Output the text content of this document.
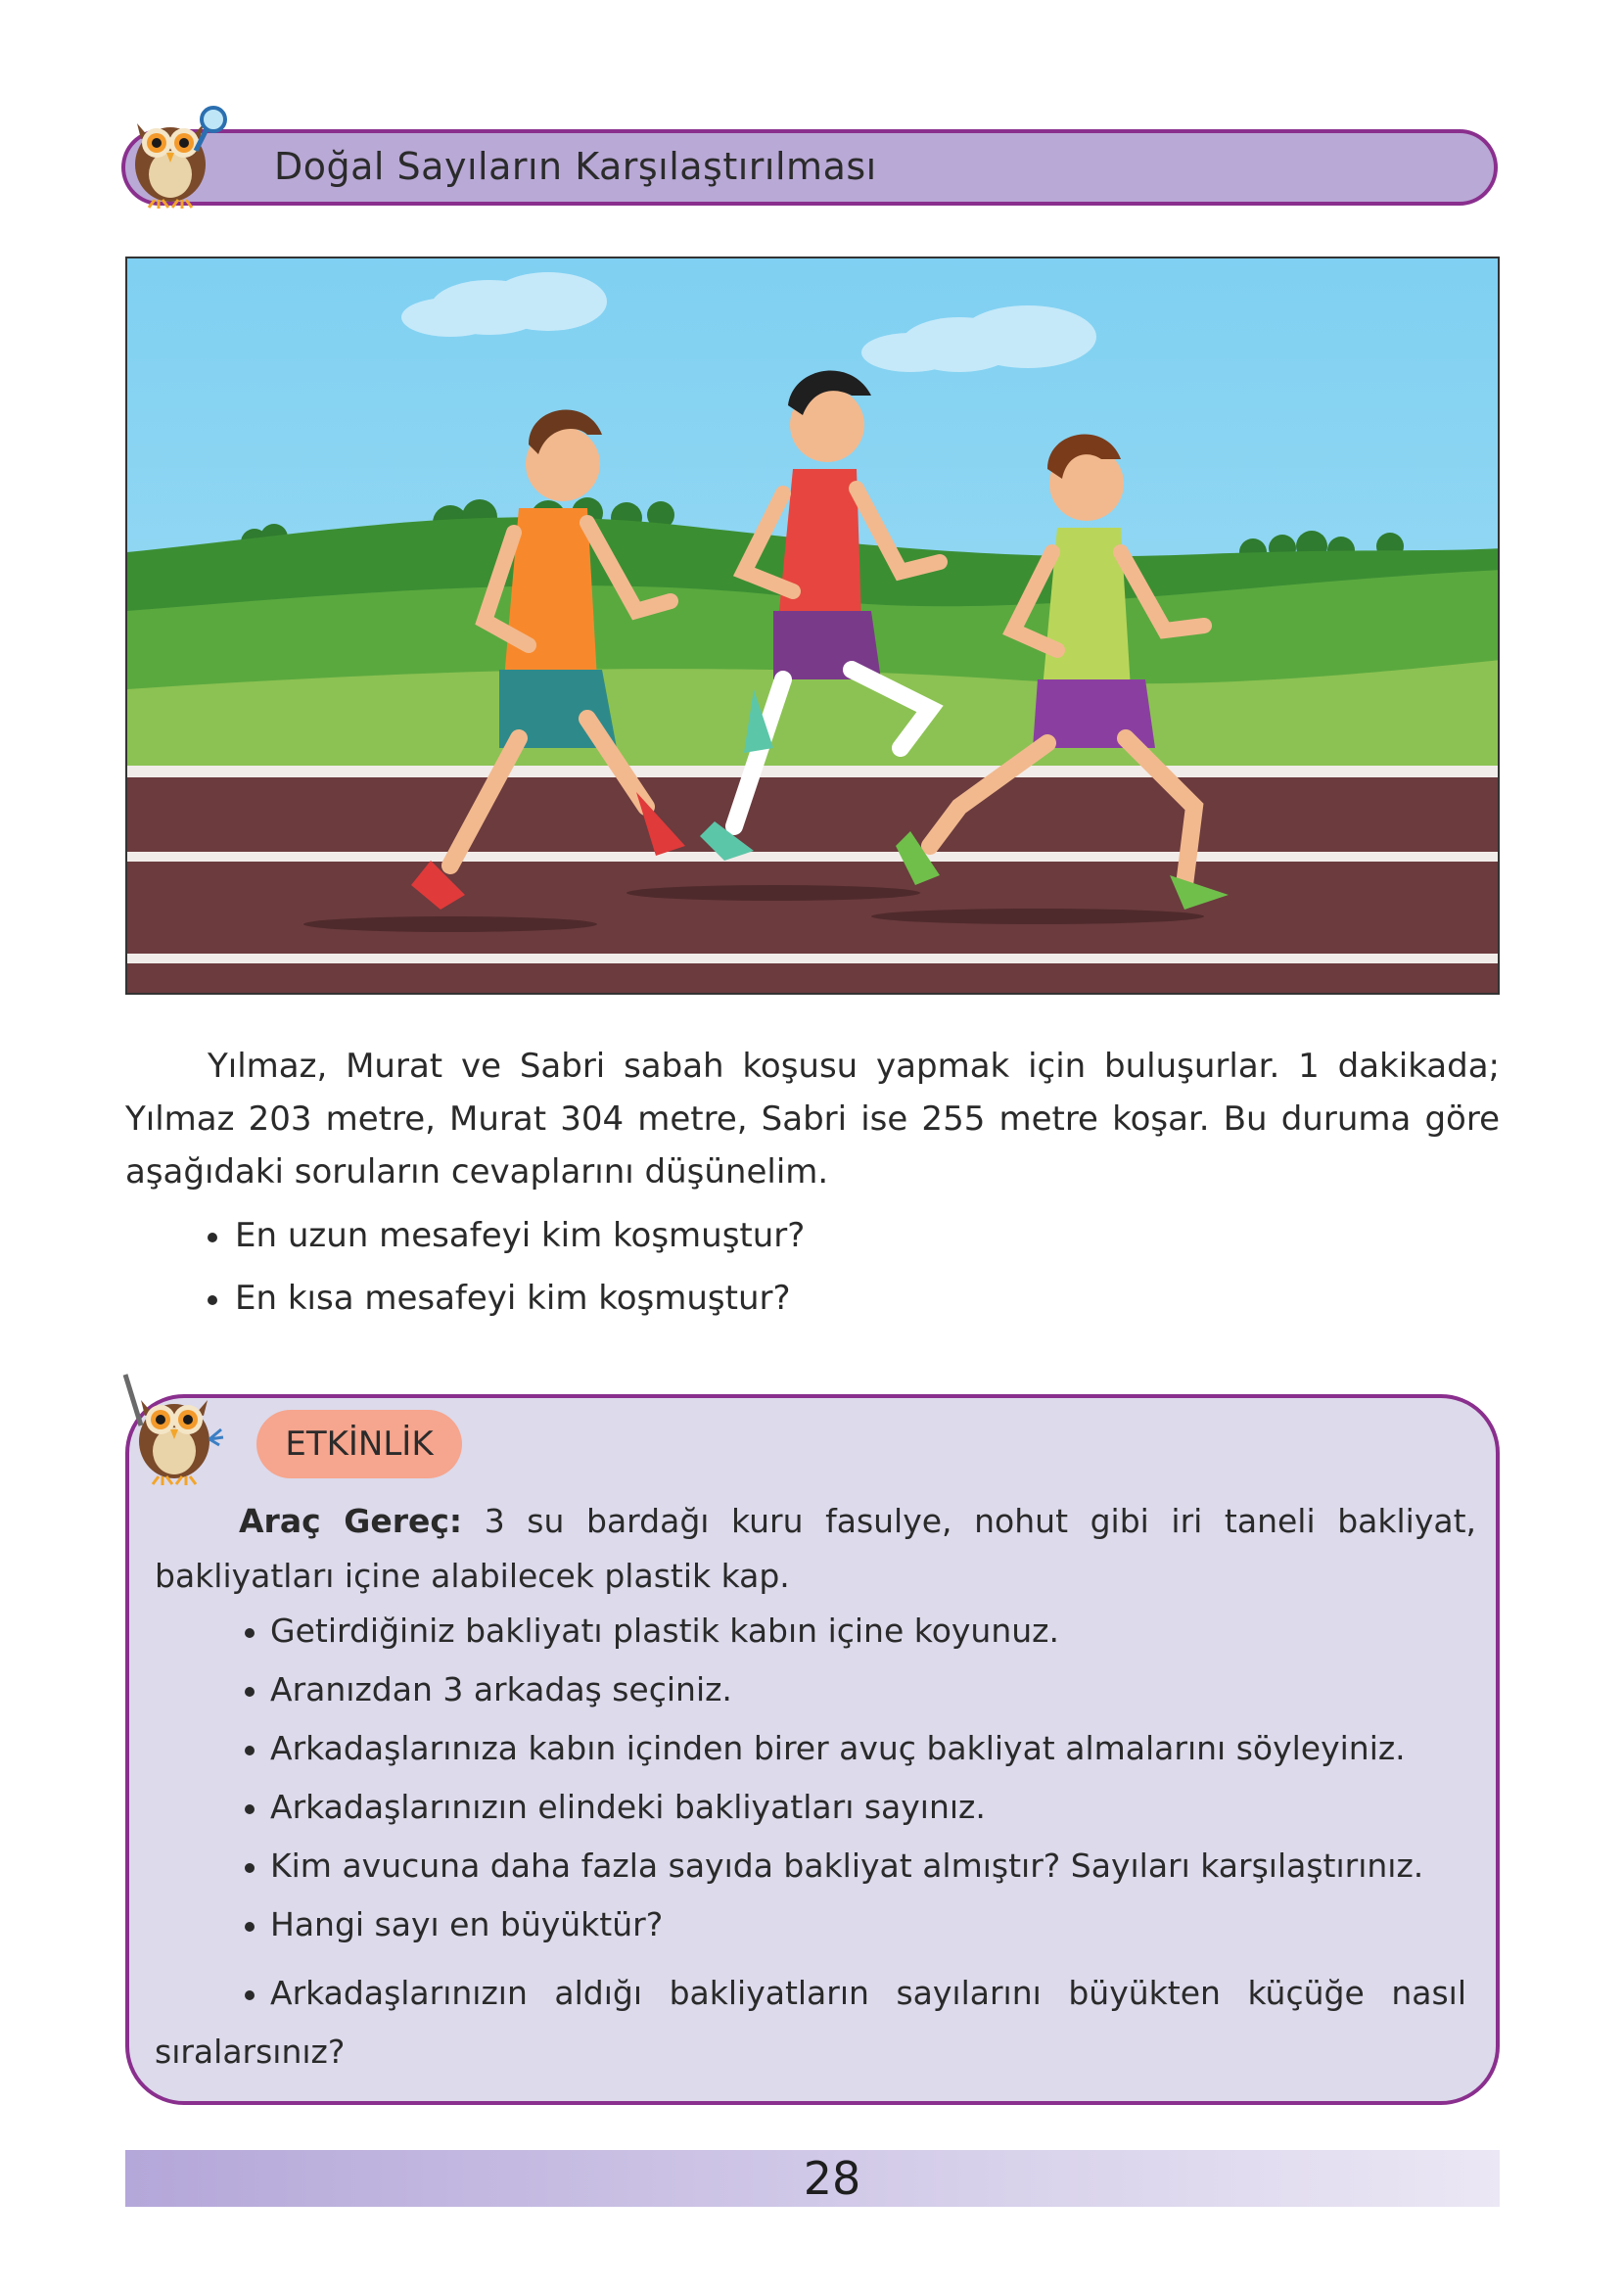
Doğal Sayıların Karşılaştırılması
Yılmaz, Murat ve Sabri sabah koşusu yapmak için buluşurlar. 1 dakikada; Yılmaz 203 metre, Murat 304 metre, Sabri ise 255 metre koşar. Bu duruma göre aşağıdaki soruların cevaplarını düşünelim.
En uzun mesafeyi kim koşmuştur?
En kısa mesafeyi kim koşmuştur?
ETKİNLİK
Araç Gereç: 3 su bardağı kuru fasulye, nohut gibi iri taneli bakliyat, bakliyatları içine alabilecek plastik kap.
Getirdiğiniz bakliyatı plastik kabın içine koyunuz.
Aranızdan 3 arkadaş seçiniz.
Arkadaşlarınıza kabın içinden birer avuç bakliyat almalarını söyleyiniz.
Arkadaşlarınızın elindeki bakliyatları sayınız.
Kim avucuna daha fazla sayıda bakliyat almıştır? Sayıları karşılaştırınız.
Hangi sayı en büyüktür?
Arkadaşlarınızın aldığı bakliyatların sayılarını büyükten küçüğe nasıl sıralarsınız?
28
